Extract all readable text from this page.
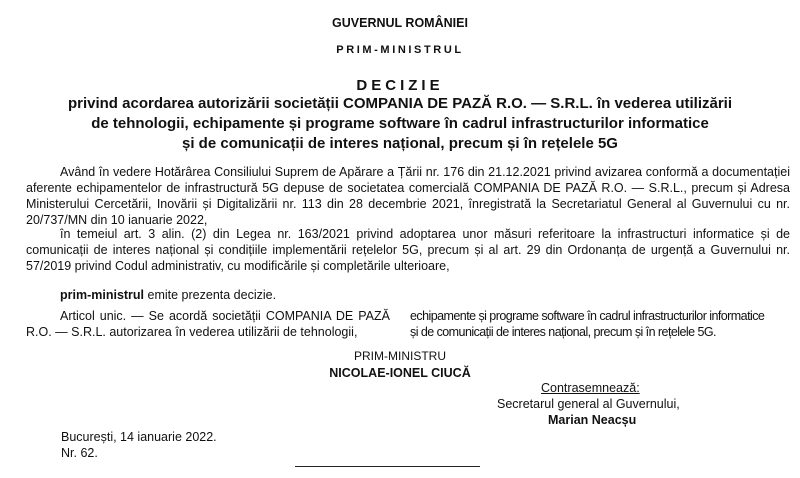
GUVERNUL ROMÂNIEI
PRIM-MINISTRUL
DECIZIE
privind acordarea autorizării societății COMPANIA DE PAZĂ R.O. — S.R.L. în vederea utilizării
de tehnologii, echipamente și programe software în cadrul infrastructurilor informatice
și de comunicații de interes național, precum și în rețelele 5G
Având în vedere Hotărârea Consiliului Suprem de Apărare a Țării nr. 176 din 21.12.2021 privind avizarea conformă a documentației aferente echipamentelor de infrastructură 5G depuse de societatea comercială COMPANIA DE PAZĂ R.O. — S.R.L., precum și Adresa Ministerului Cercetării, Inovării și Digitalizării nr. 113 din 28 decembrie 2021, înregistrată la Secretariatul General al Guvernului cu nr. 20/737/MN din 10 ianuarie 2022,
în temeiul art. 3 alin. (2) din Legea nr. 163/2021 privind adoptarea unor măsuri referitoare la infrastructuri informatice și de comunicații de interes național și condițiile implementării rețelelor 5G, precum și al art. 29 din Ordonanța de urgență a Guvernului nr. 57/2019 privind Codul administrativ, cu modificările și completările ulterioare,
prim-ministrul emite prezenta decizie.
Articol unic. — Se acordă societății COMPANIA DE PAZĂ R.O. — S.R.L. autorizarea în vederea utilizării de tehnologii,
echipamente și programe software în cadrul infrastructurilor informatice
și de comunicații de interes național, precum și în rețelele 5G.
PRIM-MINISTRU
NICOLAE-IONEL CIUCĂ
Contrasemnează:
Secretarul general al Guvernului,
Marian Neacșu
București, 14 ianuarie 2022.
Nr. 62.
